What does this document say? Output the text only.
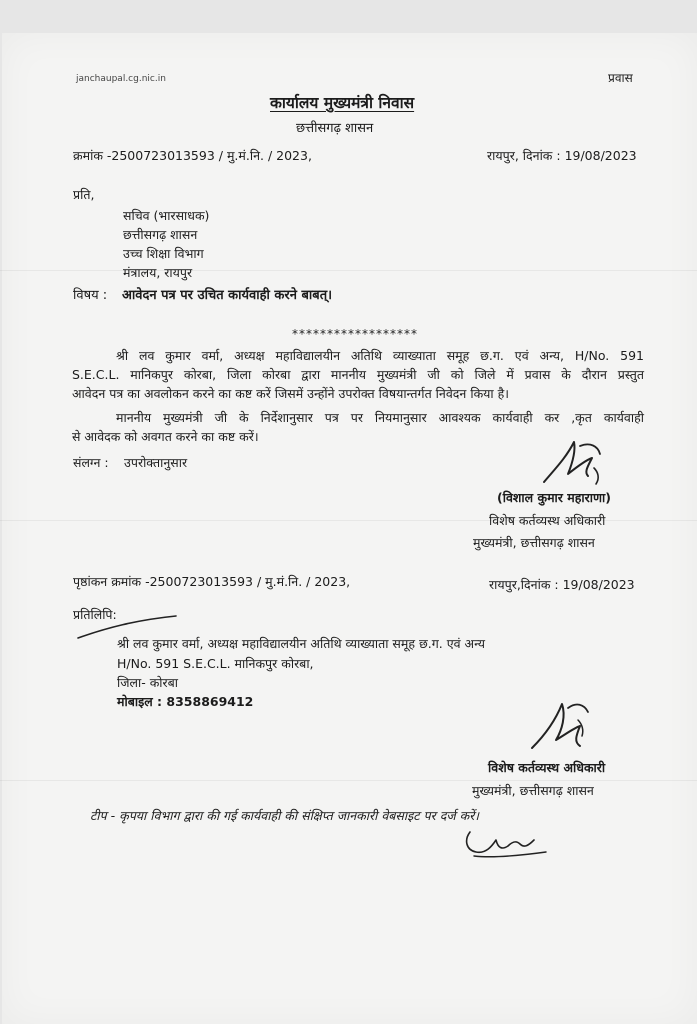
janchaupal.cg.nic.in	प्रवास
कार्यालय मुख्यमंत्री निवास
छत्तीसगढ़ शासन
क्रमांक -2500723013593 / मु.मं.नि. / 2023,	रायपुर, दिनांक : 19/08/2023
प्रति,
सचिव (भारसाधक)
छत्तीसगढ़ शासन
उच्च शिक्षा विभाग
मंत्रालय, रायपुर
विषय : आवेदन पत्र पर उचित कार्यवाही करने बाबत्।
******************
श्री लव कुमार वर्मा, अध्यक्ष महाविद्यालयीन अतिथि व्याख्याता समूह छ.ग. एवं अन्य, H/No. 591
S.E.C.L. मानिकपुर कोरबा, जिला कोरबा द्वारा माननीय मुख्यमंत्री जी को जिले में प्रवास के दौरान प्रस्तुत
आवेदन पत्र का अवलोकन करने का कष्ट करें जिसमें उन्होंने उपरोक्त विषयान्तर्गत निवेदन किया है।
माननीय मुख्यमंत्री जी के निर्देशानुसार पत्र पर नियमानुसार आवश्यक कार्यवाही कर ,कृत कार्यवाही
से आवेदक को अवगत करने का कष्ट करें।
संलग्न : उपरोक्तानुसार
(विशाल कुमार महाराणा)
विशेष कर्तव्यस्थ अधिकारी
मुख्यमंत्री, छत्तीसगढ़ शासन
पृष्ठांकन क्रमांक -2500723013593 / मु.मं.नि. / 2023,	रायपुर,दिनांक : 19/08/2023
प्रतिलिपि:
श्री लव कुमार वर्मा, अध्यक्ष महाविद्यालयीन अतिथि व्याख्याता समूह छ.ग. एवं अन्य
H/No. 591 S.E.C.L. मानिकपुर कोरबा,
जिला- कोरबा
मोबाइल : 8358869412
विशेष कर्तव्यस्थ अधिकारी
मुख्यमंत्री, छत्तीसगढ़ शासन
टीप - कृपया विभाग द्वारा की गई कार्यवाही की संक्षिप्त जानकारी वेबसाइट पर दर्ज करें।
